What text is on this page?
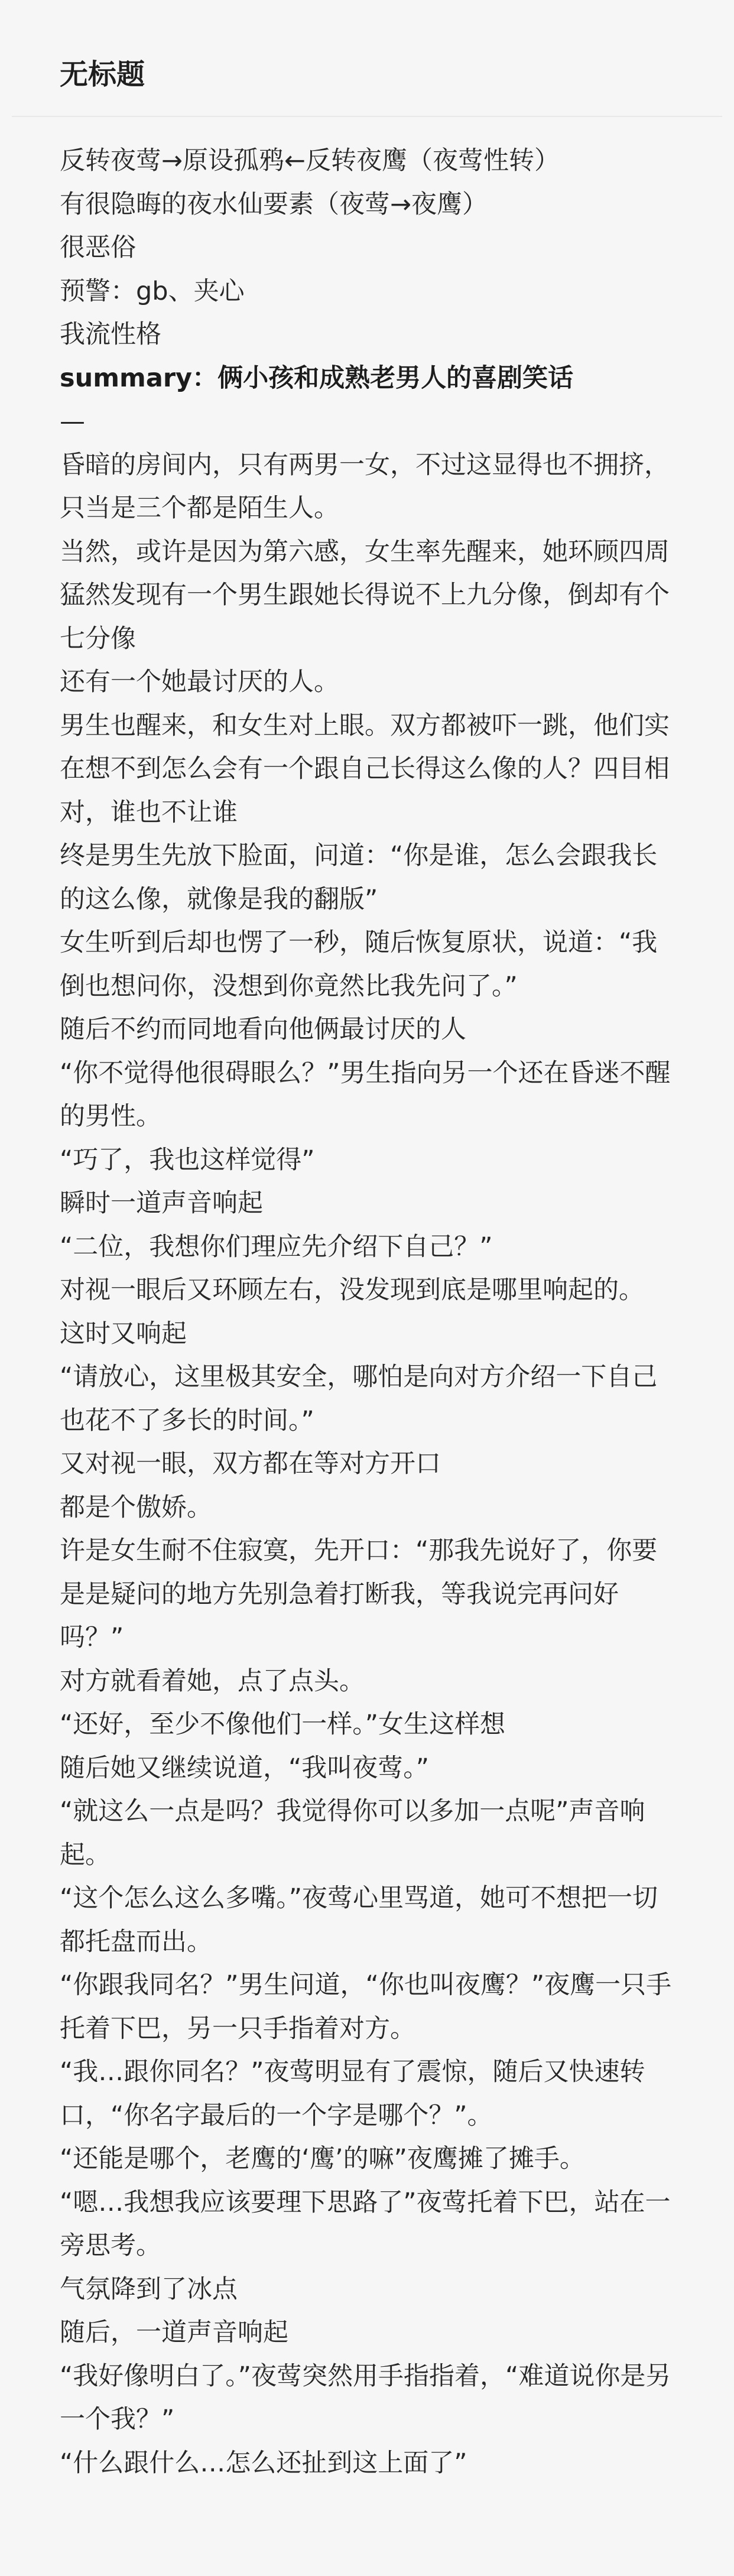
无标题

反转夜莺→原设孤鸦←反转夜鹰（夜莺性转）

有很隐晦的夜水仙要素（夜莺→夜鹰）

很恶俗

预警：gb、夹心

我流性格

summary：俩小孩和成熟老男人的喜剧笑话

—

昏暗的房间内，只有两男一女，不过这显得也不拥挤，只当是三个都是陌生人。

当然，或许是因为第六感，女生率先醒来，她环顾四周猛然发现有一个男生跟她长得说不上九分像，倒却有个七分像

还有一个她最讨厌的人。

男生也醒来，和女生对上眼。双方都被吓一跳，他们实在想不到怎么会有一个跟自己长得这么像的人？四目相对，谁也不让谁

终是男生先放下脸面，问道：“你是谁，怎么会跟我长的这么像，就像是我的翻版”

女生听到后却也愣了一秒，随后恢复原状，说道：“我倒也想问你，没想到你竟然比我先问了。”

随后不约而同地看向他俩最讨厌的人

“你不觉得他很碍眼么？”男生指向另一个还在昏迷不醒的男性。

“巧了，我也这样觉得”

瞬时一道声音响起

“二位，我想你们理应先介绍下自己？”

对视一眼后又环顾左右，没发现到底是哪里响起的。

这时又响起

“请放心，这里极其安全，哪怕是向对方介绍一下自己也花不了多长的时间。”

又对视一眼，双方都在等对方开口

都是个傲娇。

许是女生耐不住寂寞，先开口：“那我先说好了，你要是是疑问的地方先别急着打断我，等我说完再问好吗？”

对方就看着她，点了点头。

“还好，至少不像他们一样。”女生这样想

随后她又继续说道，“我叫夜莺。”

“就这么一点是吗？我觉得你可以多加一点呢”声音响起。

“这个怎么这么多嘴。”夜莺心里骂道，她可不想把一切都托盘而出。

“你跟我同名？”男生问道，“你也叫夜鹰？”夜鹰一只手托着下巴，另一只手指着对方。

“我…跟你同名？”夜莺明显有了震惊，随后又快速转口，“你名字最后的一个字是哪个？”。

“还能是哪个，老鹰的‘鹰’的嘛”夜鹰摊了摊手。

“嗯…我想我应该要理下思路了”夜莺托着下巴，站在一旁思考。

气氛降到了冰点

随后，一道声音响起

“我好像明白了。”夜莺突然用手指指着，“难道说你是另一个我？”

“什么跟什么…怎么还扯到这上面了”
